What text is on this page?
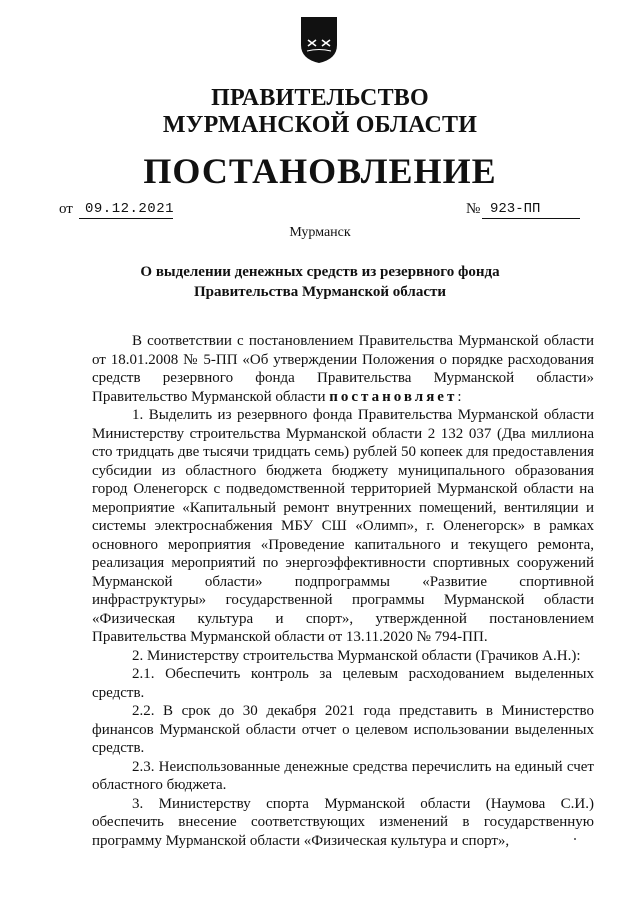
ПРАВИТЕЛЬСТВО
МУРМАНСКОЙ ОБЛАСТИ
ПОСТАНОВЛЕНИЕ
от 09.12.2021	№ 923-ПП
Мурманск
О выделении денежных средств из резервного фонда
Правительства Мурманской области

В соответствии с постановлением Правительства Мурманской области от 18.01.2008 № 5-ПП «Об утверждении Положения о порядке расходования средств резервного фонда Правительства Мурманской области» Правительство Мурманской области постановляет:

1. Выделить из резервного фонда Правительства Мурманской области Министерству строительства Мурманской области 2 132 037 (Два миллиона сто тридцать две тысячи тридцать семь) рублей 50 копеек для предоставления субсидии из областного бюджета бюджету муниципального образования город Оленегорск с подведомственной территорией Мурманской области на мероприятие «Капитальный ремонт внутренних помещений, вентиляции и системы электроснабжения МБУ СШ «Олимп», г. Оленегорск» в рамках основного мероприятия «Проведение капитального и текущего ремонта, реализация мероприятий по энергоэффективности спортивных сооружений Мурманской области» подпрограммы «Развитие спортивной инфраструктуры» государственной программы Мурманской области «Физическая культура и спорт», утвержденной постановлением Правительства Мурманской области от 13.11.2020 № 794-ПП.

2. Министерству строительства Мурманской области (Грачиков А.Н.):

2.1. Обеспечить контроль за целевым расходованием выделенных средств.

2.2. В срок до 30 декабря 2021 года представить в Министерство финансов Мурманской области отчет о целевом использовании выделенных средств.

2.3. Неиспользованные денежные средства перечислить на единый счет областного бюджета.

3. Министерству спорта Мурманской области (Наумова С.И.) обеспечить внесение соответствующих изменений в государственную программу Мурманской области «Физическая культура и спорт»,
